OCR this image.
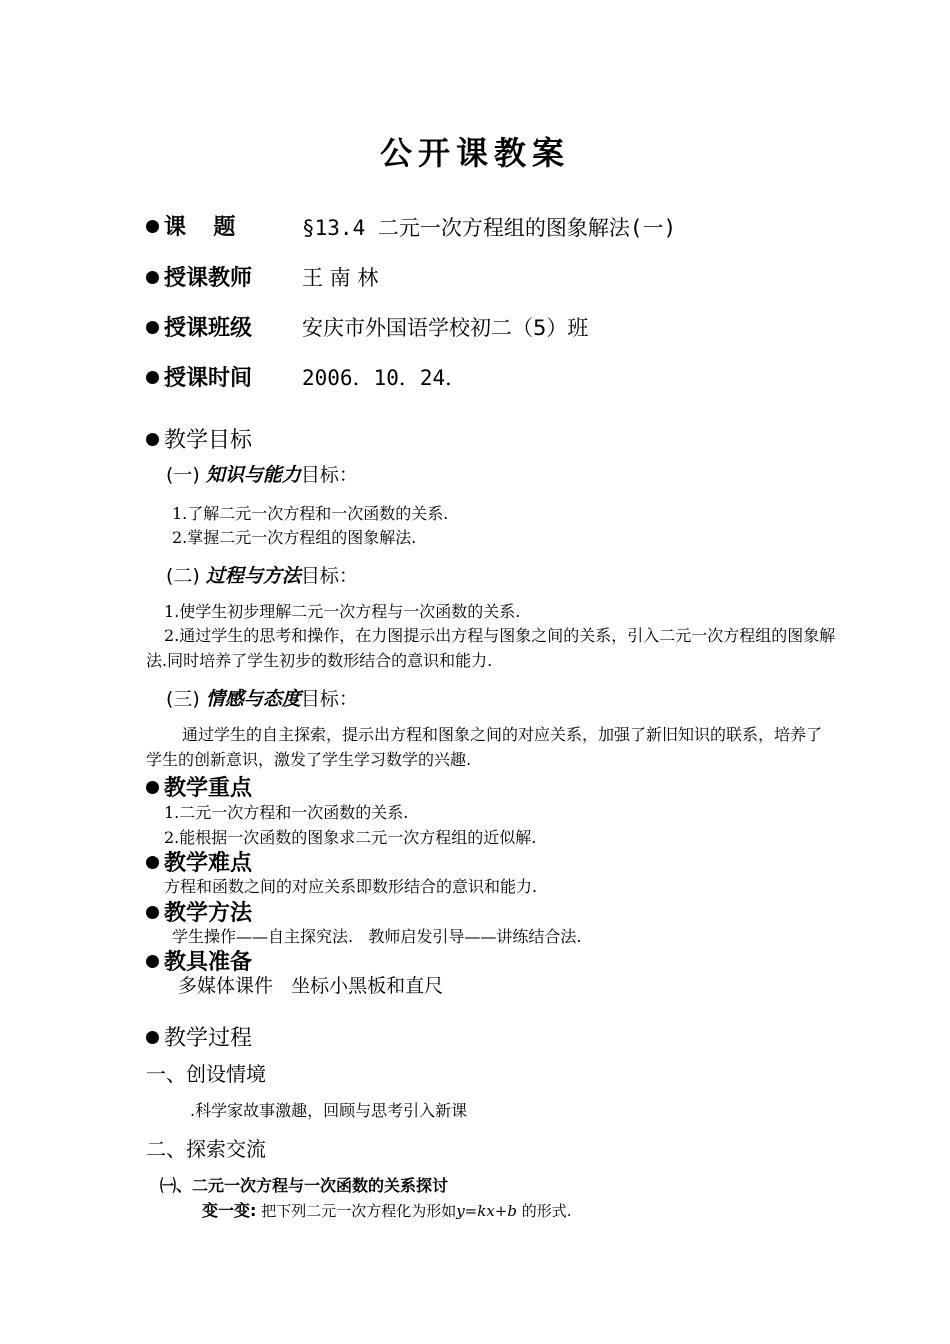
公开课教案
课  题	§13.4 二元一次方程组的图象解法(一)
授课教师 王 南 林
授课班级 安庆市外国语学校初二（5）班
授课时间 2006．10．24．
教学目标
(一) 知识与能力目标：
1.了解二元一次方程和一次函数的关系.
2.掌握二元一次方程组的图象解法.
(二) 过程与方法目标：
1.使学生初步理解二元一次方程与一次函数的关系.
2.通过学生的思考和操作，在力图提示出方程与图象之间的关系，引入二元一次方程组的图象解法.同时培养了学生初步的数形结合的意识和能力.
(三) 情感与态度目标：
通过学生的自主探索，提示出方程和图象之间的对应关系，加强了新旧知识的联系，培养了学生的创新意识，激发了学生学习数学的兴趣.
教学重点
1.二元一次方程和一次函数的关系.
2.能根据一次函数的图象求二元一次方程组的近似解.
教学难点
方程和函数之间的对应关系即数形结合的意识和能力.
教学方法
学生操作——自主探究法.   教师启发引导——讲练结合法.
教具准备
多媒体课件   坐标小黑板和直尺
教学过程
一、创设情境
.科学家故事激趣，回顾与思考引入新课
二、探索交流
㈠、二元一次方程与一次函数的关系探讨
变一变: 把下列二元一次方程化为形如y=kx+b 的形式.
